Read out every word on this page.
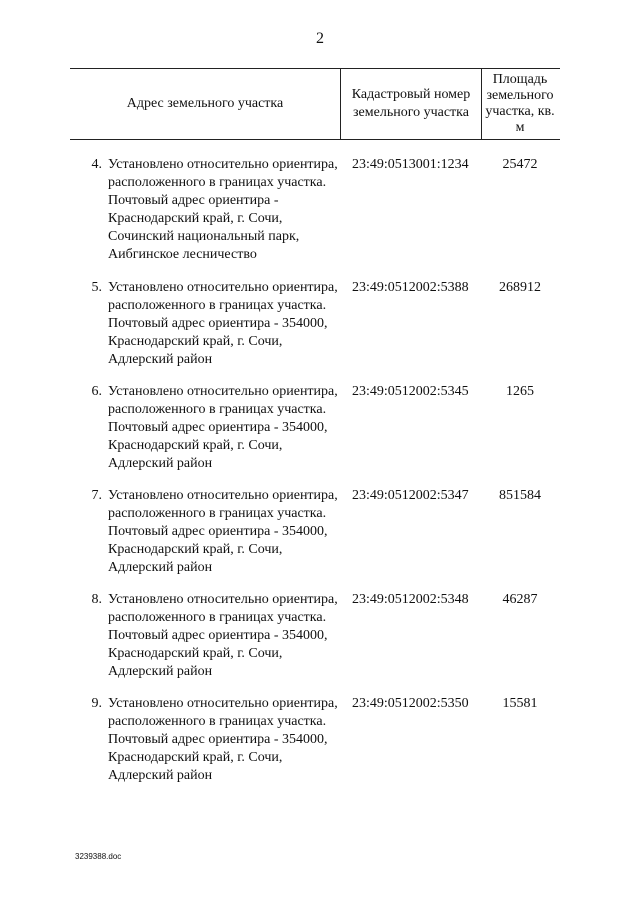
2
Адрес земельного участка
Кадастровый номер земельного участка
Площадь земельного участка, кв. м
4. Установлено относительно ориентира, расположенного в границах участка. Почтовый адрес ориентира - Краснодарский край, г. Сочи, Сочинский национальный парк, Аибгинское лесничество
23:49:0513001:1234	25472
5. Установлено относительно ориентира, расположенного в границах участка. Почтовый адрес ориентира - 354000, Краснодарский край, г. Сочи, Адлерский район
23:49:0512002:5388	268912
6. Установлено относительно ориентира, расположенного в границах участка. Почтовый адрес ориентира - 354000, Краснодарский край, г. Сочи, Адлерский район
23:49:0512002:5345	1265
7. Установлено относительно ориентира, расположенного в границах участка. Почтовый адрес ориентира - 354000, Краснодарский край, г. Сочи, Адлерский район
23:49:0512002:5347	851584
8. Установлено относительно ориентира, расположенного в границах участка. Почтовый адрес ориентира - 354000, Краснодарский край, г. Сочи, Адлерский район
23:49:0512002:5348	46287
9. Установлено относительно ориентира, расположенного в границах участка. Почтовый адрес ориентира - 354000, Краснодарский край, г. Сочи, Адлерский район
23:49:0512002:5350	15581
3239388.doc
